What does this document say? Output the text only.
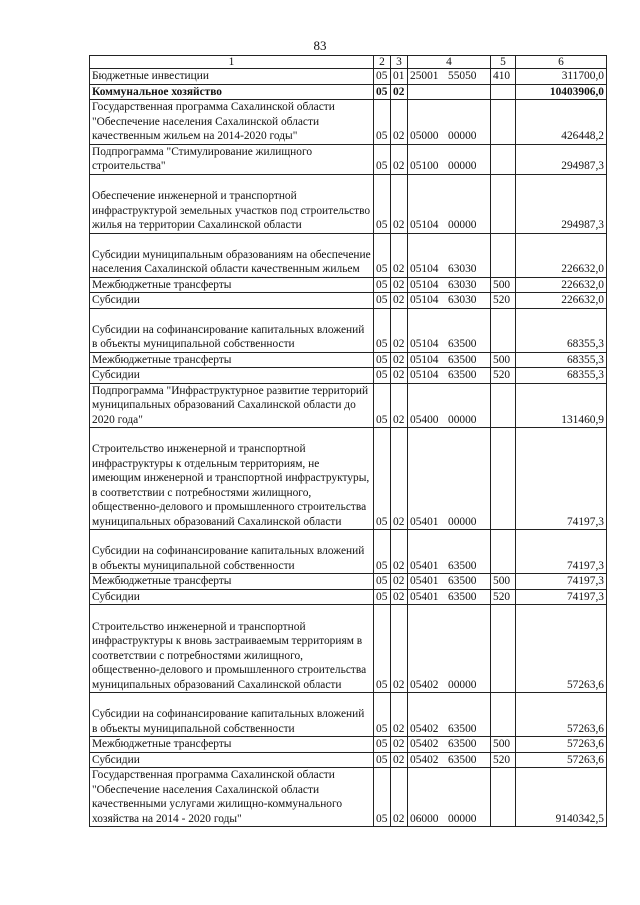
83
1	2	3	4	5	6
Бюджетные инвестиции	05	01	25001 55050	410	311700,0
Коммунальное хозяйство	05	02			10403906,0
Государственная программа Сахалинской области "Обеспечение населения Сахалинской области качественным жильем на 2014-2020 годы"	05	02	05000 00000		426448,2
Подпрограмма "Стимулирование жилищного строительства"	05	02	05100 00000		294987,3
Обеспечение инженерной и транспортной инфраструктурой земельных участков под строительство жилья на территории Сахалинской области	05	02	05104 00000		294987,3
Субсидии муниципальным образованиям на обеспечение населения Сахалинской области качественным жильем	05	02	05104 63030		226632,0
Межбюджетные трансферты	05	02	05104 63030	500	226632,0
Субсидии	05	02	05104 63030	520	226632,0
Субсидии на софинансирование капитальных вложений в объекты муниципальной собственности	05	02	05104 63500		68355,3
Межбюджетные трансферты	05	02	05104 63500	500	68355,3
Субсидии	05	02	05104 63500	520	68355,3
Подпрограмма "Инфраструктурное развитие территорий муниципальных образований Сахалинской области до 2020 года"	05	02	05400 00000		131460,9
Строительство инженерной и транспортной инфраструктуры к отдельным территориям, не имеющим инженерной и транспортной инфраструктуры, в соответствии с потребностями жилищного, общественно-делового и промышленного строительства муниципальных образований Сахалинской области	05	02	05401 00000		74197,3
Субсидии на софинансирование капитальных вложений в объекты муниципальной собственности	05	02	05401 63500		74197,3
Межбюджетные трансферты	05	02	05401 63500	500	74197,3
Субсидии	05	02	05401 63500	520	74197,3
Строительство инженерной и транспортной инфраструктуры к вновь застраиваемым территориям в соответствии с потребностями жилищного, общественно-делового и промышленного строительства муниципальных образований Сахалинской области	05	02	05402 00000		57263,6
Субсидии на софинансирование капитальных вложений в объекты муниципальной собственности	05	02	05402 63500		57263,6
Межбюджетные трансферты	05	02	05402 63500	500	57263,6
Субсидии	05	02	05402 63500	520	57263,6
Государственная программа Сахалинской области "Обеспечение населения Сахалинской области качественными услугами жилищно-коммунального хозяйства на 2014 - 2020 годы"	05	02	06000 00000		9140342,5
